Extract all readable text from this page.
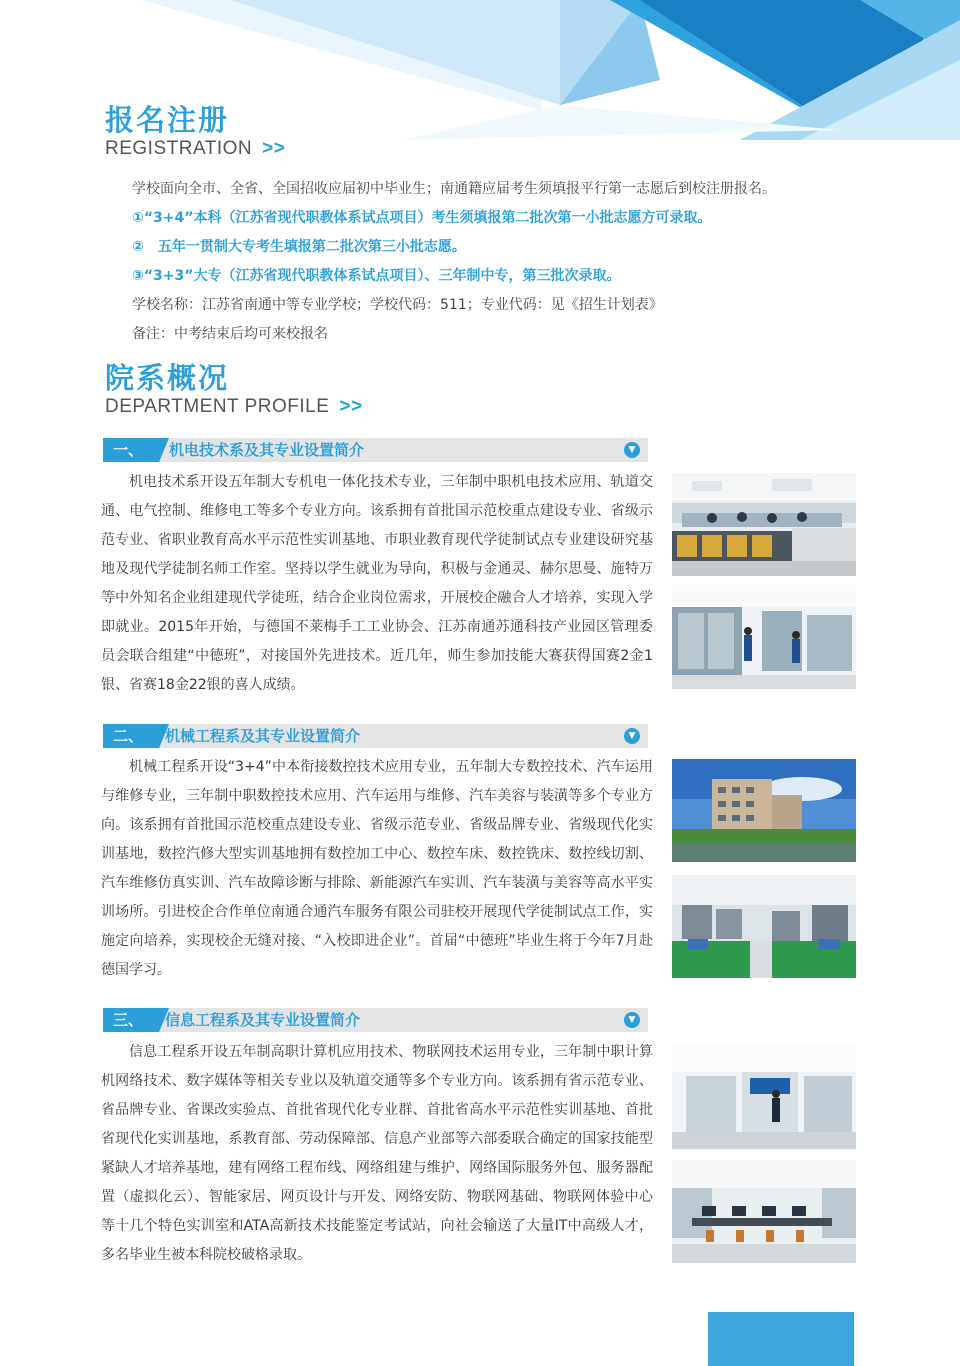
报名注册
REGISTRATION >>
学校面向全市、全省、全国招收应届初中毕业生；南通籍应届考生须填报平行第一志愿后到校注册报名。
①“3+4”本科（江苏省现代职教体系试点项目）考生须填报第二批次第一小批志愿方可录取。
②　五年一贯制大专考生填报第二批次第三小批志愿。
③“3+3”大专（江苏省现代职教体系试点项目）、三年制中专，第三批次录取。
学校名称：江苏省南通中等专业学校；学校代码：511；专业代码：见《招生计划表》
备注：中考结束后均可来校报名
院系概况
DEPARTMENT PROFILE >>
一、	机电技术系及其专业设置简介	▼
机电技术系开设五年制大专机电一体化技术专业，三年制中职机电技术应用、轨道交通、电气控制、维修电工等多个专业方向。该系拥有首批国示范校重点建设专业、省级示范专业、省职业教育高水平示范性实训基地、市职业教育现代学徒制试点专业建设研究基地及现代学徒制名师工作室。坚持以学生就业为导向，积极与金通灵、赫尔思曼、施特万等中外知名企业组建现代学徒班，结合企业岗位需求，开展校企融合人才培养，实现入学即就业。2015年开始，与德国不莱梅手工工业协会、江苏南通苏通科技产业园区管理委员会联合组建“中德班”，对接国外先进技术。近几年，师生参加技能大赛获得国赛2金1银、省赛18金22银的喜人成绩。
二、	机械工程系及其专业设置简介	▼
机械工程系开设“3+4”中本衔接数控技术应用专业，五年制大专数控技术、汽车运用与维修专业，三年制中职数控技术应用、汽车运用与维修、汽车美容与装潢等多个专业方向。该系拥有首批国示范校重点建设专业、省级示范专业、省级品牌专业、省级现代化实训基地，数控汽修大型实训基地拥有数控加工中心、数控车床、数控铣床、数控线切割、汽车维修仿真实训、汽车故障诊断与排除、新能源汽车实训、汽车装潢与美容等高水平实训场所。引进校企合作单位南通合通汽车服务有限公司驻校开展现代学徒制试点工作，实施定向培养，实现校企无缝对接、“入校即进企业”。首届“中德班”毕业生将于今年7月赴德国学习。
三、	信息工程系及其专业设置简介	▼
信息工程系开设五年制高职计算机应用技术、物联网技术运用专业，三年制中职计算机网络技术、数字媒体等相关专业以及轨道交通等多个专业方向。该系拥有省示范专业、省品牌专业、省课改实验点、首批省现代化专业群、首批省高水平示范性实训基地、首批省现代化实训基地，系教育部、劳动保障部、信息产业部等六部委联合确定的国家技能型紧缺人才培养基地，建有网络工程布线、网络组建与维护、网络国际服务外包、服务器配置（虚拟化云）、智能家居、网页设计与开发、网络安防、物联网基础、物联网体验中心等十几个特色实训室和ATA高新技术技能鉴定考试站，向社会输送了大量IT中高级人才，多名毕业生被本科院校破格录取。
